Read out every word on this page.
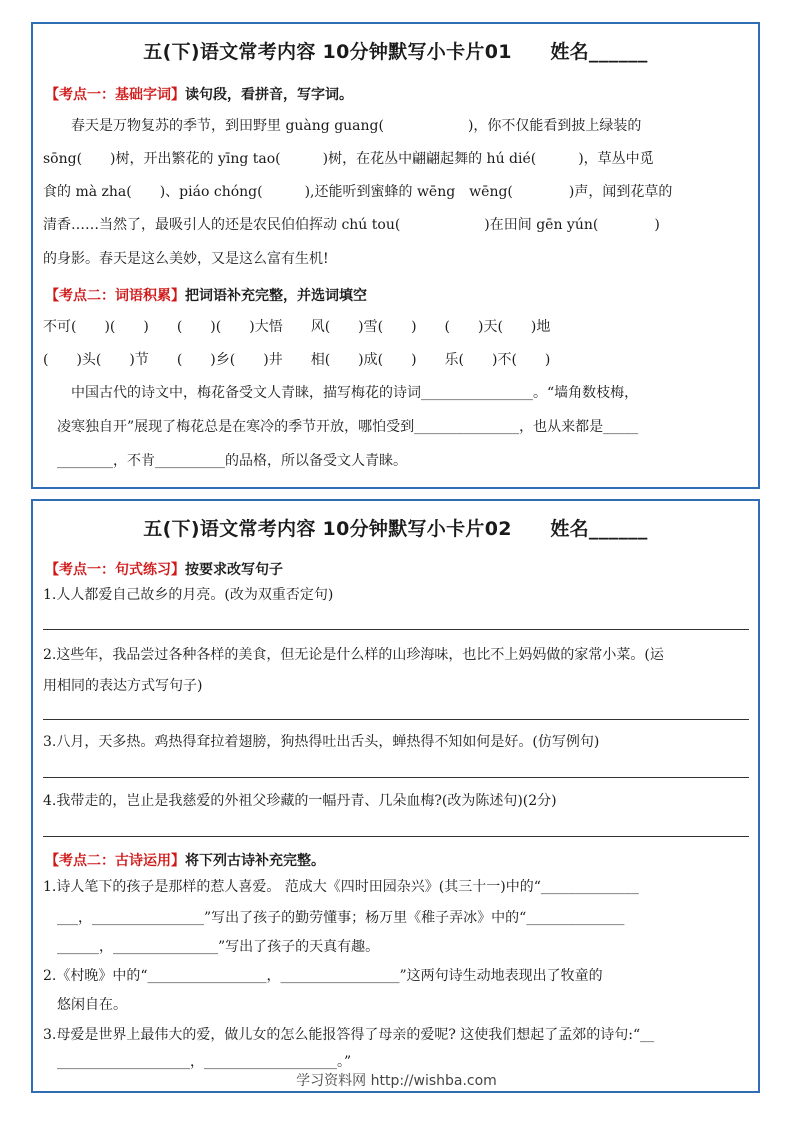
五(下)语文常考内容 10分钟默写小卡片01　　姓名______
【考点一：基础字词】读句段，看拼音，写字词。
　　春天是万物复苏的季节，到田野里 guàng guang(　　　　　　)，你不仅能看到披上绿装的
sōng(　　)树，开出繁花的 yīng tao(　　　)树，在花丛中翩翩起舞的 hú dié(　　　)，草丛中觅
食的 mà zha(　　)、piáo chóng(　　　),还能听到蜜蜂的 wēng　wēng(　　　　)声，闻到花草的
清香……当然了，最吸引人的还是农民伯伯挥动 chú tou(　　　　　　)在田间 gēn yún(　　　　)
的身影。春天是这么美妙，又是这么富有生机!
【考点二：词语积累】把词语补充完整，并选词填空
不可(　　)(　　)　　(　　)(　　)大悟　　风(　　)雪(　　)　　(　　)天(　　)地
(　　)头(　　)节　　(　　)乡(　　)井　　相(　　)成(　　)　　乐(　　)不(　　)
　　中国古代的诗文中，梅花备受文人青睐，描写梅花的诗词________________。“墙角数枝梅，
　凌寒独自开”展现了梅花总是在寒冷的季节开放，哪怕受到_______________，也从来都是_____
　________，不肯__________的品格，所以备受文人青睐。
五(下)语文常考内容 10分钟默写小卡片02　　姓名______
【考点一：句式练习】按要求改写句子
1.人人都爱自己故乡的月亮。(改为双重否定句)
2.这些年，我品尝过各种各样的美食，但无论是什么样的山珍海味，也比不上妈妈做的家常小菜。(运
用相同的表达方式写句子)
3.八月，天多热。鸡热得耷拉着翅膀，狗热得吐出舌头，蝉热得不知如何是好。(仿写例句)
4.我带走的，岂止是我慈爱的外祖父珍藏的一幅丹青、几朵血梅?(改为陈述句)(2分)
【考点二：古诗运用】将下列古诗补充完整。
1.诗人笔下的孩子是那样的惹人喜爱。 范成大《四时田园杂兴》(其三十一)中的“______________
　___，________________”写出了孩子的勤劳懂事；杨万里《稚子弄冰》中的“______________
　______，_______________”写出了孩子的天真有趣。
2.《村晚》中的“_________________，_________________”这两句诗生动地表现出了牧童的
　悠闲自在。
3.母爱是世界上最伟大的爱，做儿女的怎么能报答得了母亲的爱呢? 这使我们想起了孟郊的诗句:“__
　___________________，___________________。”
学习资料网 http://wishba.com
